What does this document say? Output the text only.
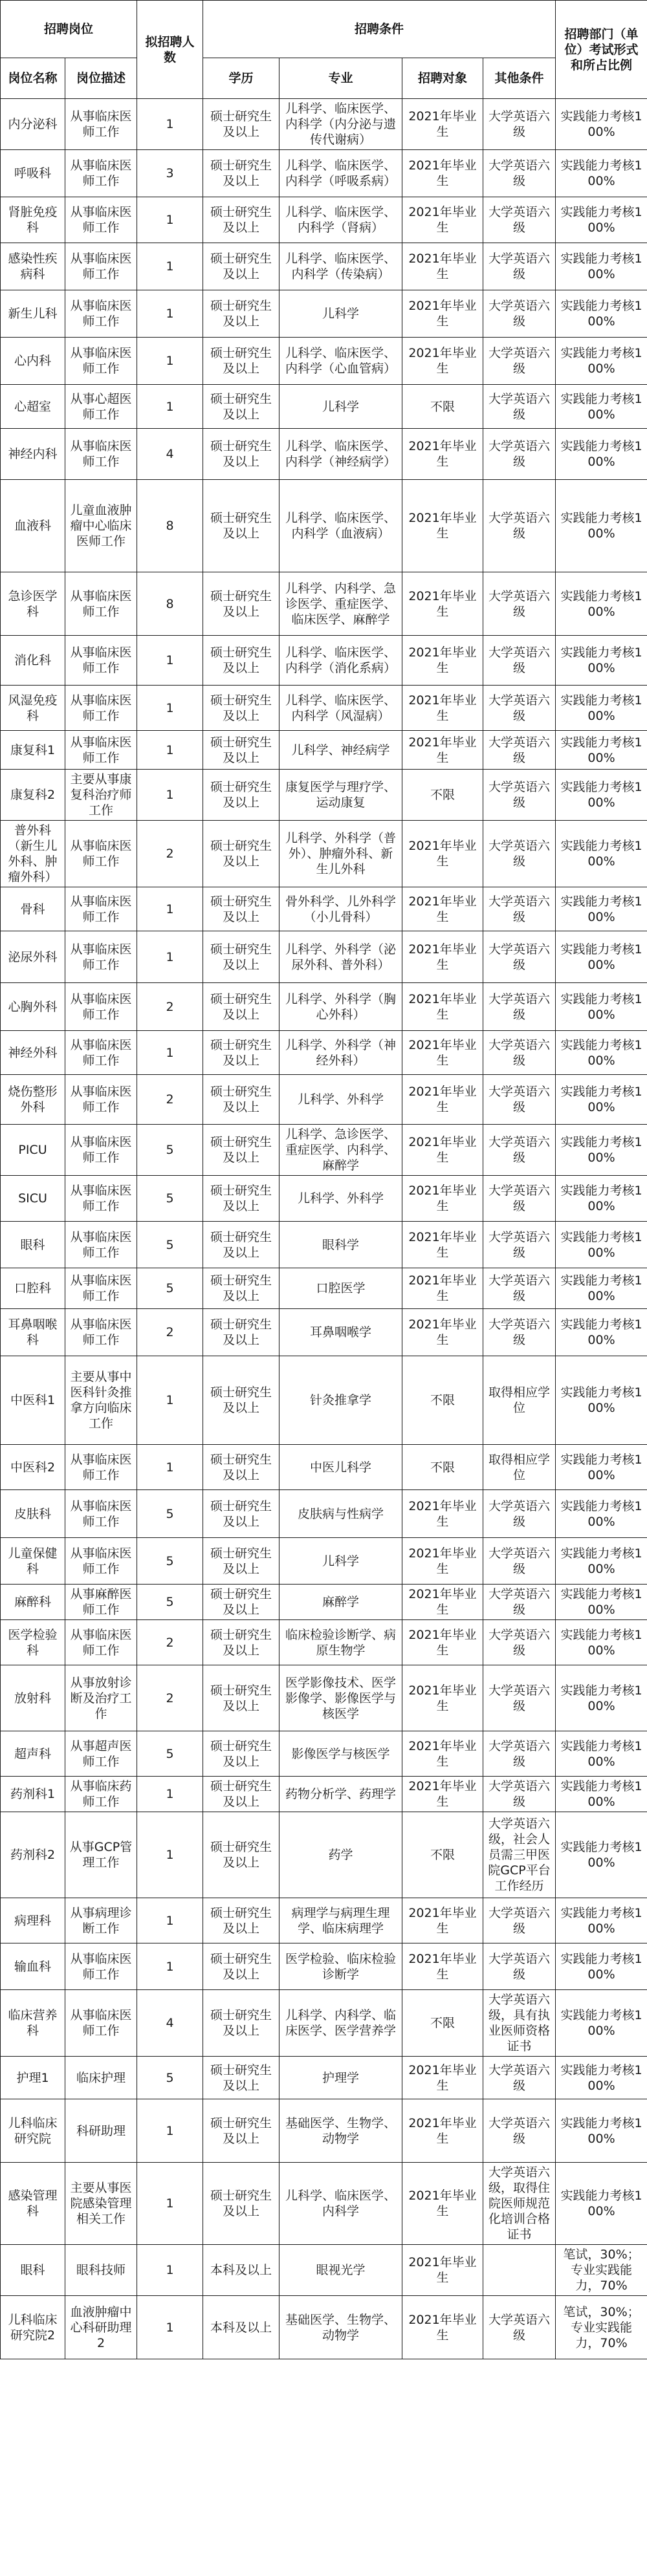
招聘岗位		拟招聘人数	招聘条件				招聘部门（单位）考试形式和所占比例
岗位名称	岗位描述		学历	专业	招聘对象	其他条件	
内分泌科	从事临床医师工作	1	硕士研究生及以上	儿科学、临床医学、内科学（内分泌与遗传代谢病）	2021年毕业生	大学英语六级	实践能力考核100%
呼吸科	从事临床医师工作	3	硕士研究生及以上	儿科学、临床医学、内科学（呼吸系病）	2021年毕业生	大学英语六级	实践能力考核100%
肾脏免疫科	从事临床医师工作	1	硕士研究生及以上	儿科学、临床医学、内科学（肾病）	2021年毕业生	大学英语六级	实践能力考核100%
感染性疾病科	从事临床医师工作	1	硕士研究生及以上	儿科学、临床医学、内科学（传染病）	2021年毕业生	大学英语六级	实践能力考核100%
新生儿科	从事临床医师工作	1	硕士研究生及以上	儿科学	2021年毕业生	大学英语六级	实践能力考核100%
心内科	从事临床医师工作	1	硕士研究生及以上	儿科学、临床医学、内科学（心血管病）	2021年毕业生	大学英语六级	实践能力考核100%
心超室	从事心超医师工作	1	硕士研究生及以上	儿科学	不限	大学英语六级	实践能力考核100%
神经内科	从事临床医师工作	4	硕士研究生及以上	儿科学、临床医学、内科学（神经病学）	2021年毕业生	大学英语六级	实践能力考核100%
血液科	儿童血液肿瘤中心临床医师工作	8	硕士研究生及以上	儿科学、临床医学、内科学（血液病）	2021年毕业生	大学英语六级	实践能力考核100%
急诊医学科	从事临床医师工作	8	硕士研究生及以上	儿科学、内科学、急诊医学、重症医学、临床医学、麻醉学	2021年毕业生	大学英语六级	实践能力考核100%
消化科	从事临床医师工作	1	硕士研究生及以上	儿科学、临床医学、内科学（消化系病）	2021年毕业生	大学英语六级	实践能力考核100%
风湿免疫科	从事临床医师工作	1	硕士研究生及以上	儿科学、临床医学、内科学（风湿病）	2021年毕业生	大学英语六级	实践能力考核100%
康复科1	从事临床医师工作	1	硕士研究生及以上	儿科学、神经病学	2021年毕业生	大学英语六级	实践能力考核100%
康复科2	主要从事康复科治疗师工作	1	硕士研究生及以上	康复医学与理疗学、运动康复	不限	大学英语六级	实践能力考核100%
普外科（新生儿外科、肿瘤外科）	从事临床医师工作	2	硕士研究生及以上	儿科学、外科学（普外）、肿瘤外科、新生儿外科	2021年毕业生	大学英语六级	实践能力考核100%
骨科	从事临床医师工作	1	硕士研究生及以上	骨外科学、儿外科学（小儿骨科）	2021年毕业生	大学英语六级	实践能力考核100%
泌尿外科	从事临床医师工作	1	硕士研究生及以上	儿科学、外科学（泌尿外科、普外科）	2021年毕业生	大学英语六级	实践能力考核100%
心胸外科	从事临床医师工作	2	硕士研究生及以上	儿科学、外科学（胸心外科）	2021年毕业生	大学英语六级	实践能力考核100%
神经外科	从事临床医师工作	1	硕士研究生及以上	儿科学、外科学（神经外科）	2021年毕业生	大学英语六级	实践能力考核100%
烧伤整形外科	从事临床医师工作	2	硕士研究生及以上	儿科学、外科学	2021年毕业生	大学英语六级	实践能力考核100%
PICU	从事临床医师工作	5	硕士研究生及以上	儿科学、急诊医学、重症医学、内科学、麻醉学	2021年毕业生	大学英语六级	实践能力考核100%
SICU	从事临床医师工作	5	硕士研究生及以上	儿科学、外科学	2021年毕业生	大学英语六级	实践能力考核100%
眼科	从事临床医师工作	5	硕士研究生及以上	眼科学	2021年毕业生	大学英语六级	实践能力考核100%
口腔科	从事临床医师工作	5	硕士研究生及以上	口腔医学	2021年毕业生	大学英语六级	实践能力考核100%
耳鼻咽喉科	从事临床医师工作	2	硕士研究生及以上	耳鼻咽喉学	2021年毕业生	大学英语六级	实践能力考核100%
中医科1	主要从事中医科针灸推拿方向临床工作	1	硕士研究生及以上	针灸推拿学	不限	取得相应学位	实践能力考核100%
中医科2	从事临床医师工作	1	硕士研究生及以上	中医儿科学	不限	取得相应学位	实践能力考核100%
皮肤科	从事临床医师工作	5	硕士研究生及以上	皮肤病与性病学	2021年毕业生	大学英语六级	实践能力考核100%
儿童保健科	从事临床医师工作	5	硕士研究生及以上	儿科学	2021年毕业生	大学英语六级	实践能力考核100%
麻醉科	从事麻醉医师工作	5	硕士研究生及以上	麻醉学	2021年毕业生	大学英语六级	实践能力考核100%
医学检验科	从事临床医师工作	2	硕士研究生及以上	临床检验诊断学、病原生物学	2021年毕业生	大学英语六级	实践能力考核100%
放射科	从事放射诊断及治疗工作	2	硕士研究生及以上	医学影像技术、医学影像学、影像医学与核医学	2021年毕业生	大学英语六级	实践能力考核100%
超声科	从事超声医师工作	5	硕士研究生及以上	影像医学与核医学	2021年毕业生	大学英语六级	实践能力考核100%
药剂科1	从事临床药师工作	1	硕士研究生及以上	药物分析学、药理学	2021年毕业生	大学英语六级	实践能力考核100%
药剂科2	从事GCP管理工作	1	硕士研究生及以上	药学	不限	大学英语六级，社会人员需三甲医院GCP平台工作经历	实践能力考核100%
病理科	从事病理诊断工作	1	硕士研究生及以上	病理学与病理生理学、临床病理学	2021年毕业生	大学英语六级	实践能力考核100%
输血科	从事临床医师工作	1	硕士研究生及以上	医学检验、临床检验诊断学	2021年毕业生	大学英语六级	实践能力考核100%
临床营养科	从事临床医师工作	4	硕士研究生及以上	儿科学、内科学、临床医学、医学营养学	不限	大学英语六级，具有执业医师资格证书	实践能力考核100%
护理1	临床护理	5	硕士研究生及以上	护理学	2021年毕业生	大学英语六级	实践能力考核100%
儿科临床研究院	科研助理	1	硕士研究生及以上	基础医学、生物学、动物学	2021年毕业生	大学英语六级	实践能力考核100%
感染管理科	主要从事医院感染管理相关工作	1	硕士研究生及以上	儿科学、临床医学、内科学	2021年毕业生	大学英语六级，取得住院医师规范化培训合格证书	实践能力考核100%
眼科	眼科技师	1	本科及以上	眼视光学	2021年毕业生		笔试，30%；专业实践能力，70%
儿科临床研究院2	血液肿瘤中心科研助理2	1	本科及以上	基础医学、生物学、动物学	2021年毕业生	大学英语六级	笔试，30%；专业实践能力，70%
